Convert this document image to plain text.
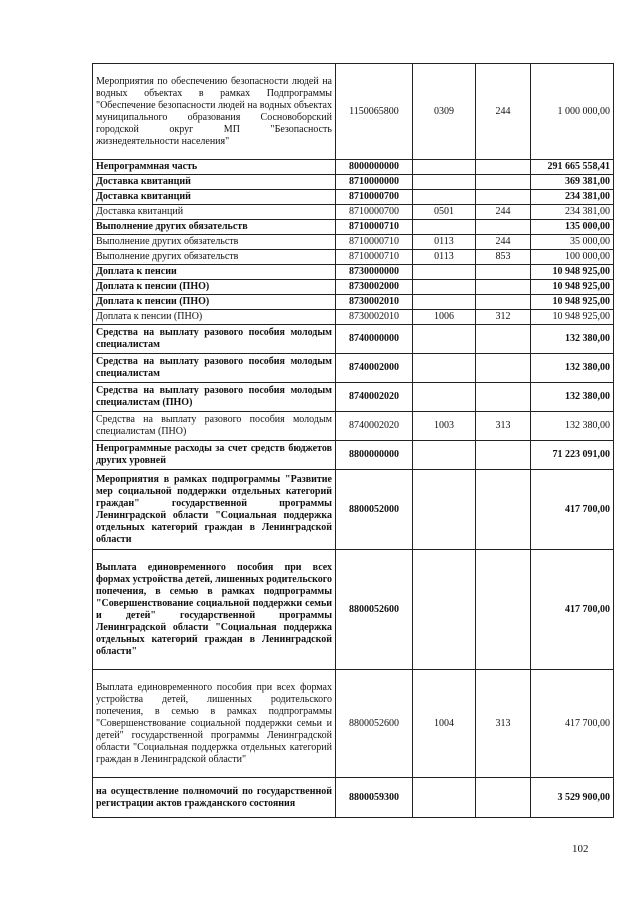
Мероприятия по обеспечению безопасности людей на водных объектах в рамках Подпрограммы "Обеспечение безопасности людей на водных объектах муниципального образования Сосновоборский городской округ МП "Безопасность жизнедеятельности населения"	1150065800	0309	244	1 000 000,00
Непрограммная часть	8000000000			291 665 558,41
Доставка квитанций	8710000000			369 381,00
Доставка квитанций	8710000700			234 381,00
Доставка квитанций	8710000700	0501	244	234 381,00
Выполнение других обязательств	8710000710			135 000,00
Выполнение других обязательств	8710000710	0113	244	35 000,00
Выполнение других обязательств	8710000710	0113	853	100 000,00
Доплата к пенсии	8730000000			10 948 925,00
Доплата к пенсии (ПНО)	8730002000			10 948 925,00
Доплата к пенсии (ПНО)	8730002010			10 948 925,00
Доплата к пенсии (ПНО)	8730002010	1006	312	10 948 925,00
Средства на выплату разового пособия молодым специалистам	8740000000			132 380,00
Средства на выплату разового пособия молодым специалистам	8740002000			132 380,00
Средства на выплату разового пособия молодым специалистам (ПНО)	8740002020			132 380,00
Средства на выплату разового пособия молодым специалистам (ПНО)	8740002020	1003	313	132 380,00
Непрограммные расходы за счет средств бюджетов других уровней	8800000000			71 223 091,00
Мероприятия в рамках подпрограммы "Развитие мер социальной поддержки отдельных категорий граждан" государственной программы Ленинградской области "Социальная поддержка отдельных категорий граждан в Ленинградской области	8800052000			417 700,00
Выплата единовременного пособия при всех формах устройства детей, лишенных родительского попечения, в семью в рамках подпрограммы "Совершенствование социальной поддержки семьи и детей" государственной программы Ленинградской области "Социальная поддержка отдельных категорий граждан в Ленинградской области"	8800052600			417 700,00
Выплата единовременного пособия при всех формах устройства детей, лишенных родительского попечения, в семью в рамках подпрограммы "Совершенствование социальной поддержки семьи и детей" государственной программы Ленинградской области "Социальная поддержка отдельных категорий граждан в Ленинградской области"	8800052600	1004	313	417 700,00
на осуществление полномочий по государственной регистрации актов гражданского состояния	8800059300			3 529 900,00
102
